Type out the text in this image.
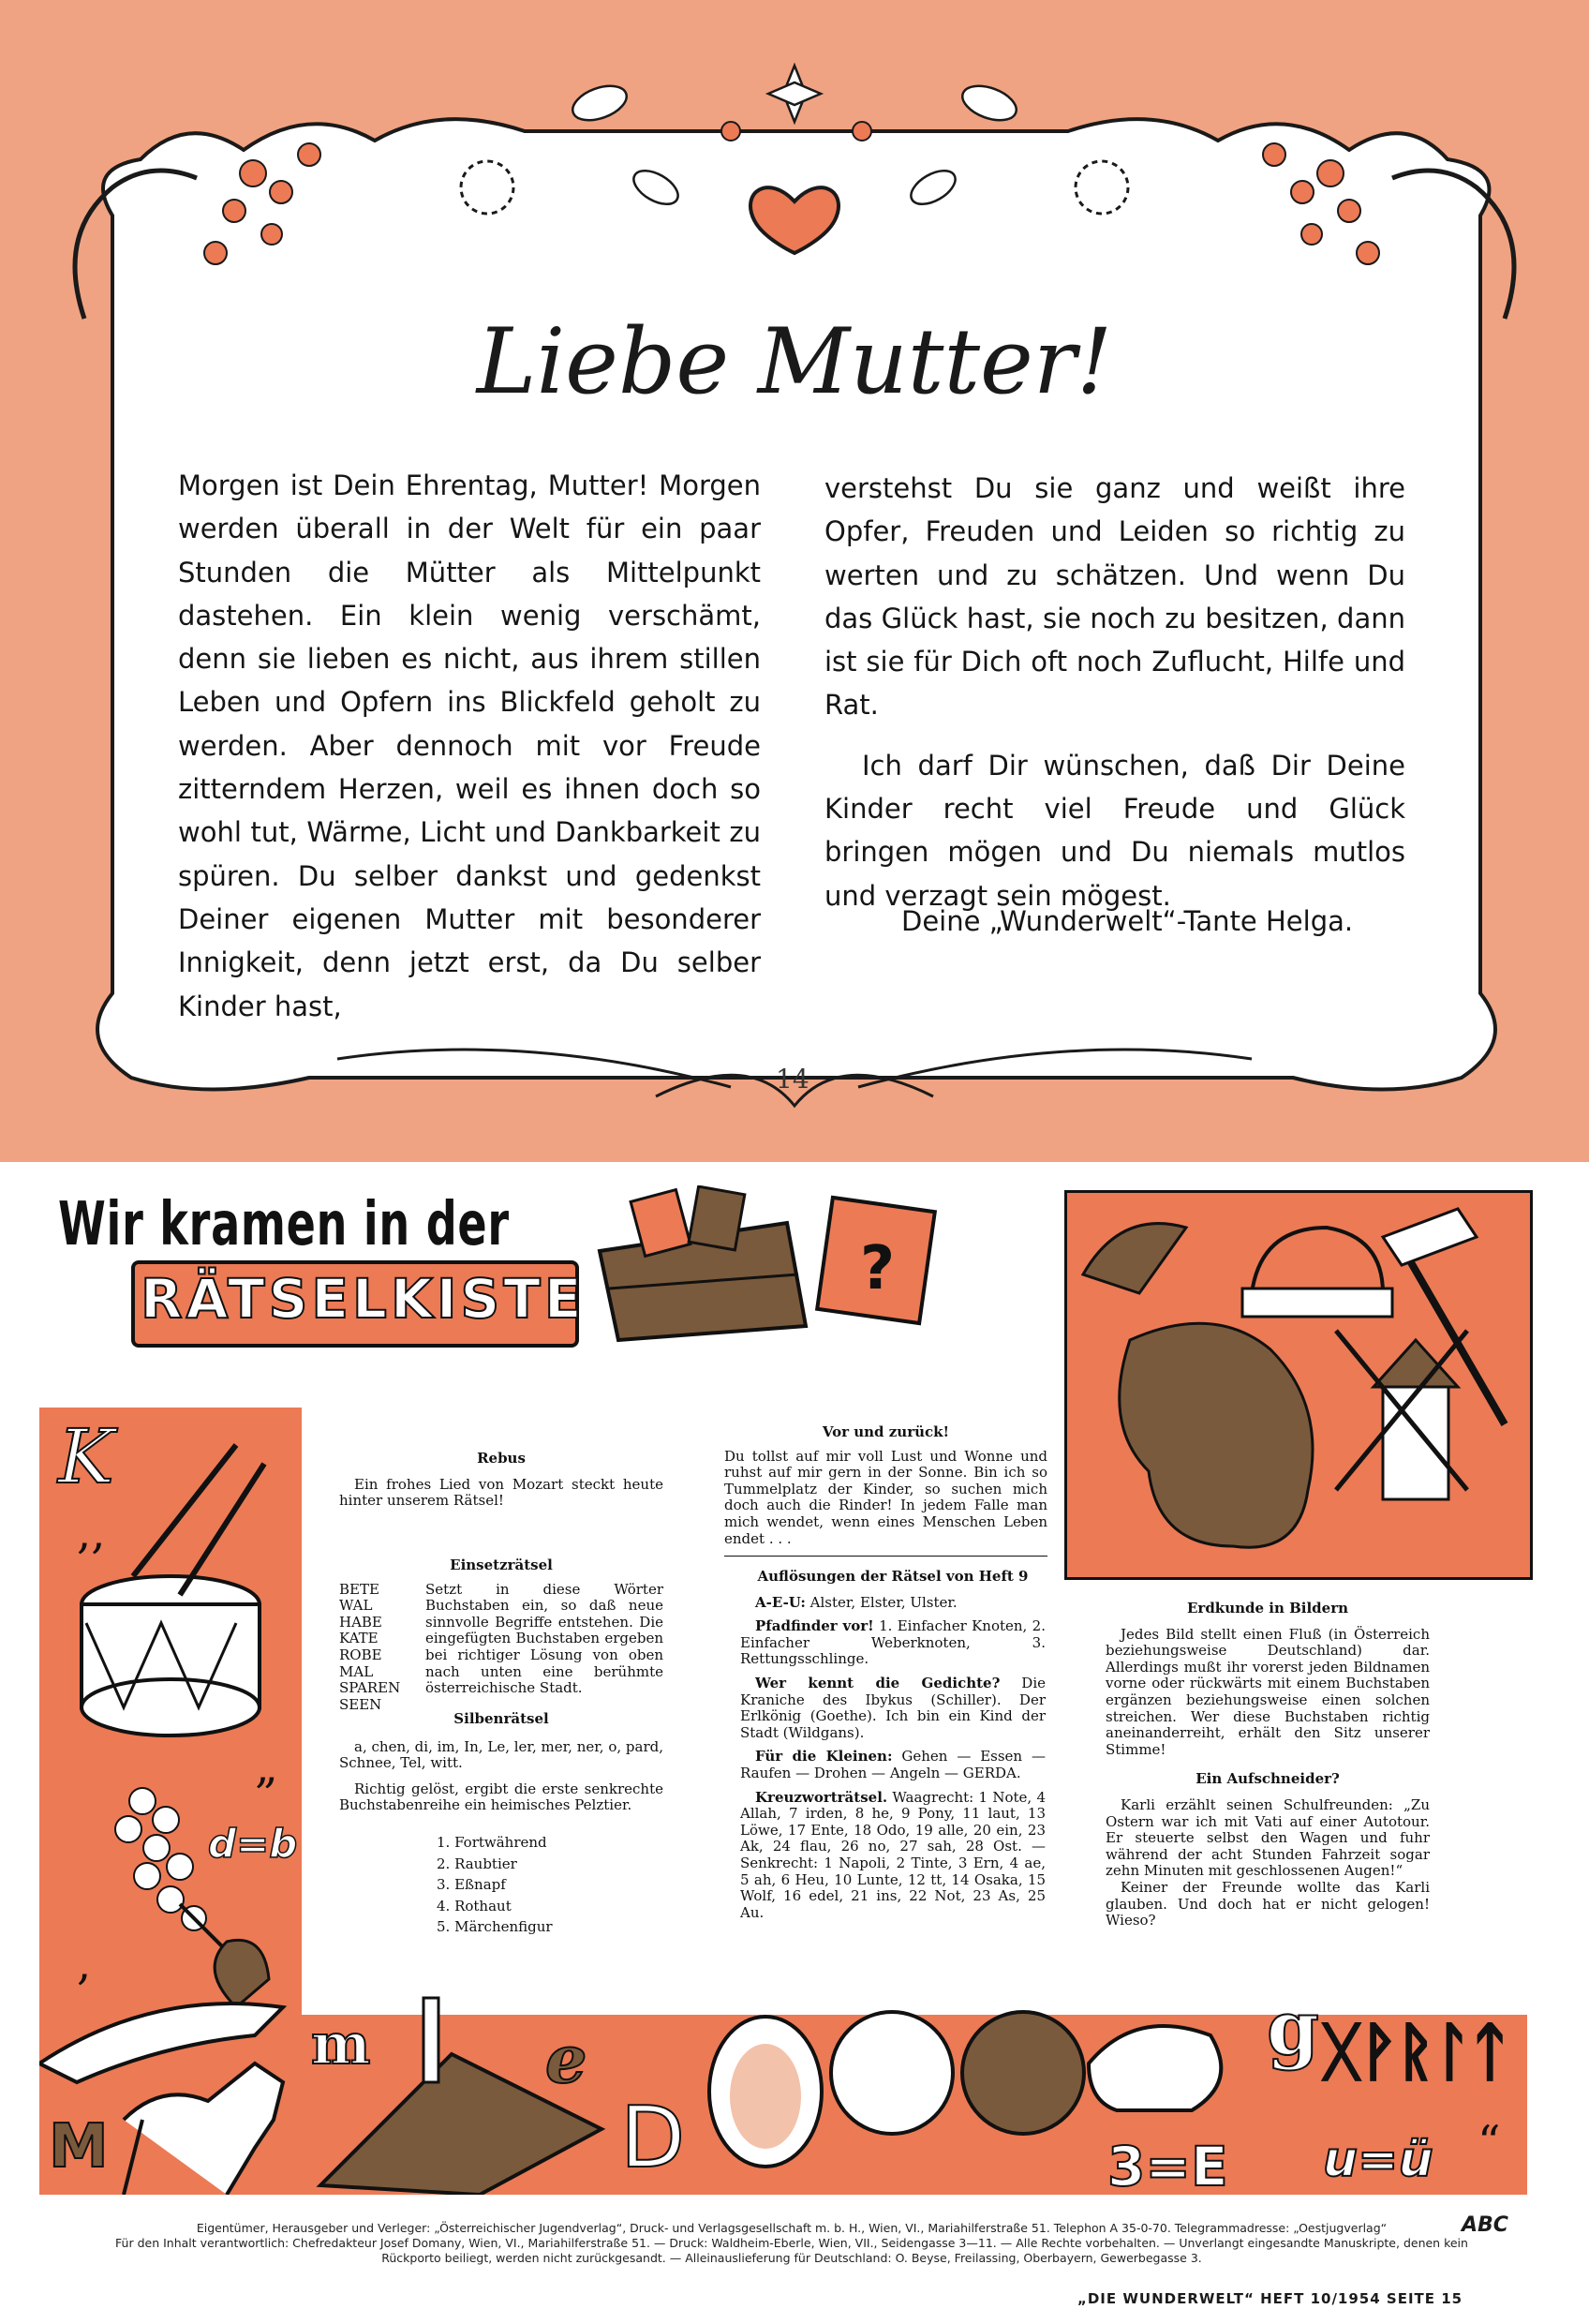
Liebe Mutter!

Morgen ist Dein Ehrentag, Mutter! Morgen werden überall in der Welt für ein paar Stunden die Mütter als Mittelpunkt dastehen. Ein klein wenig verschämt, denn sie lieben es nicht, aus ihrem stillen Leben und Opfern ins Blickfeld geholt zu werden. Aber dennoch mit vor Freude zitterndem Herzen, weil es ihnen doch so wohl tut, Wärme, Licht und Dankbarkeit zu spüren. Du selber dankst und gedenkst Deiner eigenen Mutter mit besonderer Innigkeit, denn jetzt erst, da Du selber Kinder hast,

verstehst Du sie ganz und weißt ihre Opfer, Freuden und Leiden so richtig zu werten und zu schätzen. Und wenn Du das Glück hast, sie noch zu besitzen, dann ist sie für Dich oft noch Zuflucht, Hilfe und Rat.

Ich darf Dir wünschen, daß Dir Deine Kinder recht viel Freude und Glück bringen mögen und Du niemals mutlos und verzagt sein mögest.

Deine „Wunderwelt“-Tante Helga.
14
Wir kramen in der
RÄTSELKISTE	?
K
,,
„
d=b
,
M
m	e
D	3=E
g ᚷᚹᚱᛚᛏ
u=ü “

Rebus

Ein frohes Lied von Mozart steckt heute hinter unserem Rätsel!

Einsetzrätsel

BETE
WAL
HABE
KATE
ROBE
MAL
SPAREN
SEEN
Setzt in diese Wörter Buchstaben ein, so daß neue sinnvolle Begriffe entstehen. Die eingefügten Buchstaben ergeben bei richtiger Lösung von oben nach unten eine berühmte österreichische Stadt.

Silbenrätsel

a, chen, di, im, In, Le, ler, mer, ner, o, pard, Schnee, Tel, witt.

Richtig gelöst, ergibt die erste senkrechte Buchstabenreihe ein heimisches Pelztier.

1. Fortwährend
2. Raubtier
3. Eßnapf
4. Rothaut
5. Märchenfigur

Vor und zurück!

Du tollst auf mir voll Lust und Wonne und ruhst auf mir gern in der Sonne. Bin ich so Tummelplatz der Kinder, so suchen mich doch auch die Rinder! In jedem Falle man mich wendet, wenn eines Menschen Leben endet . . .

Auflösungen der Rätsel von Heft 9

A-E-U: Alster, Elster, Ulster.

Pfadfinder vor! 1. Einfacher Knoten, 2. Einfacher Weberknoten, 3. Rettungsschlinge.

Wer kennt die Gedichte? Die Kraniche des Ibykus (Schiller). Der Erlkönig (Goethe). Ich bin ein Kind der Stadt (Wildgans).

Für die Kleinen: Gehen — Essen — Raufen — Drohen — Angeln — GERDA.

Kreuzworträtsel. Waagrecht: 1 Note, 4 Allah, 7 irden, 8 he, 9 Pony, 11 laut, 13 Löwe, 17 Ente, 18 Odo, 19 alle, 20 ein, 23 Ak, 24 flau, 26 no, 27 sah, 28 Ost. — Senkrecht: 1 Napoli, 2 Tinte, 3 Ern, 4 ae, 5 ah, 6 Heu, 10 Lunte, 12 tt, 14 Osaka, 15 Wolf, 16 edel, 21 ins, 22 Not, 23 As, 25 Au.

Erdkunde in Bildern

Jedes Bild stellt einen Fluß (in Österreich beziehungsweise Deutschland) dar. Allerdings mußt ihr vorerst jeden Bildnamen vorne oder rückwärts mit einem Buchstaben ergänzen beziehungsweise einen solchen streichen. Wer diese Buchstaben richtig aneinanderreiht, erhält den Sitz unserer Stimme!

Ein Aufschneider?

Karli erzählt seinen Schulfreunden: „Zu Ostern war ich mit Vati auf einer Autotour. Er steuerte selbst den Wagen und fuhr während der acht Stunden Fahrzeit sogar zehn Minuten mit geschlossenen Augen!“

Keiner der Freunde wollte das Karli glauben. Und doch hat er nicht gelogen! Wieso?

Eigentümer, Herausgeber und Verleger: „Österreichischer Jugendverlag“, Druck- und Verlagsgesellschaft m. b. H., Wien, VI., Mariahilferstraße 51. Telephon A 35-0-70. Telegrammadresse: „Oestjugverlag“
Für den Inhalt verantwortlich: Chefredakteur Josef Domany, Wien, VI., Mariahilferstraße 51. — Druck: Waldheim-Eberle, Wien, VII., Seidengasse 3—11. — Alle Rechte vorbehalten. — Unverlangt eingesandte Manuskripte, denen kein Rückporto beiliegt, werden nicht zurückgesandt. — Alleinauslieferung für Deutschland: O. Beyse, Freilassing, Oberbayern, Gewerbegasse 3.
ABC
„DIE WUNDERWELT“ HEFT 10/1954 SEITE 15
